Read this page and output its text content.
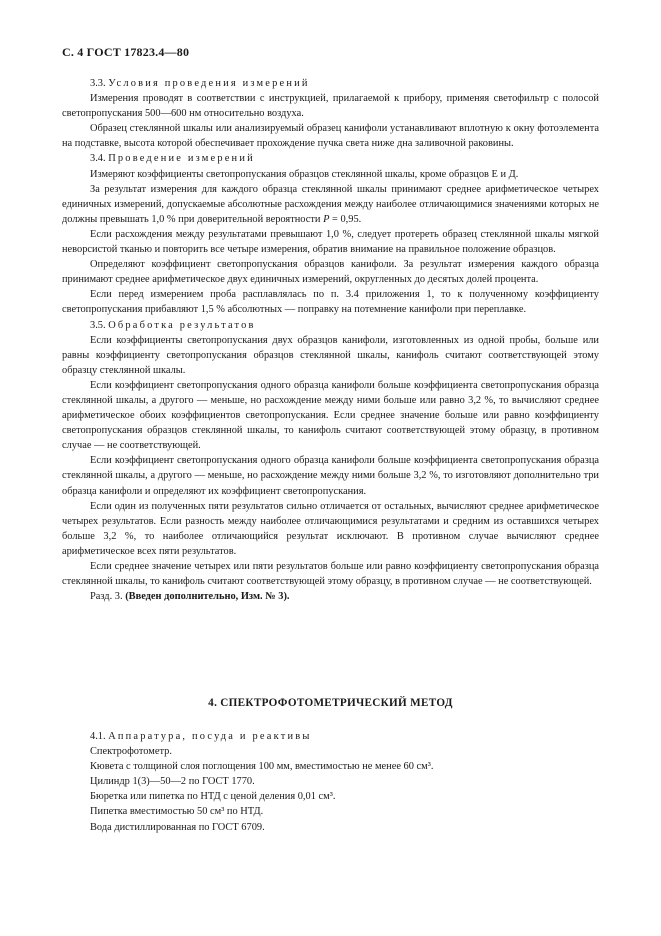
С. 4 ГОСТ 17823.4—80

3.3. Условия проведения измерений

Измерения проводят в соответствии с инструкцией, прилагаемой к прибору, применяя светофильтр с полосой светопропускания 500—600 нм относительно воздуха.

Образец стеклянной шкалы или анализируемый образец канифоли устанавливают вплотную к окну фотоэлемента на подставке, высота которой обеспечивает прохождение пучка света ниже дна заливочной раковины.

3.4. Проведение измерений

Измеряют коэффициенты светопропускания образцов стеклянной шкалы, кроме образцов Е и Д.

За результат измерения для каждого образца стеклянной шкалы принимают среднее арифметическое четырех единичных измерений, допускаемые абсолютные расхождения между наиболее отличающимися значениями которых не должны превышать 1,0 % при доверительной вероятности Р = 0,95.

Если расхождения между результатами превышают 1,0 %, следует протереть образец стеклянной шкалы мягкой неворсистой тканью и повторить все четыре измерения, обратив внимание на правильное положение образцов.

Определяют коэффициент светопропускания образцов канифоли. За результат измерения каждого образца принимают среднее арифметическое двух единичных измерений, округленных до десятых долей процента.

Если перед измерением проба расплавлялась по п. 3.4 приложения 1, то к полученному коэффициенту светопропускания прибавляют 1,5 % абсолютных — поправку на потемнение канифоли при переплавке.

3.5. Обработка результатов

Если коэффициенты светопропускания двух образцов канифоли, изготовленных из одной пробы, больше или равны коэффициенту светопропускания образцов стеклянной шкалы, канифоль считают соответствующей этому образцу стеклянной шкалы.

Если коэффициент светопропускания одного образца канифоли больше коэффициента светопропускания образца стеклянной шкалы, а другого — меньше, но расхождение между ними больше или равно 3,2 %, то вычисляют среднее арифметическое обоих коэффициентов светопропускания. Если среднее значение больше или равно коэффициенту светопропускания образцов стеклянной шкалы, то канифоль считают соответствующей этому образцу, в противном случае — не соответствующей.

Если коэффициент светопропускания одного образца канифоли больше коэффициента светопропускания образца стеклянной шкалы, а другого — меньше, но расхождение между ними больше 3,2 %, то изготовляют дополнительно три образца канифоли и определяют их коэффициент светопропускания.

Если один из полученных пяти результатов сильно отличается от остальных, вычисляют среднее арифметическое четырех результатов. Если разность между наиболее отличающимися результатами и средним из оставшихся четырех больше 3,2 %, то наиболее отличающийся результат исключают. В противном случае вычисляют среднее арифметическое всех пяти результатов.

Если среднее значение четырех или пяти результатов больше или равно коэффициенту светопропускания образца стеклянной шкалы, то канифоль считают соответствующей этому образцу, в противном случае — не соответствующей.

Разд. 3. (Введен дополнительно, Изм. № 3).

4. СПЕКТРОФОТОМЕТРИЧЕСКИЙ МЕТОД

4.1. Аппаратура, посуда и реактивы

Спектрофотометр.

Кювета с толщиной слоя поглощения 100 мм, вместимостью не менее 60 см³.

Цилиндр 1(3)—50—2 по ГОСТ 1770.

Бюретка или пипетка по НТД с ценой деления 0,01 см³.

Пипетка вместимостью 50 см³ по НТД.

Вода дистиллированная по ГОСТ 6709.
